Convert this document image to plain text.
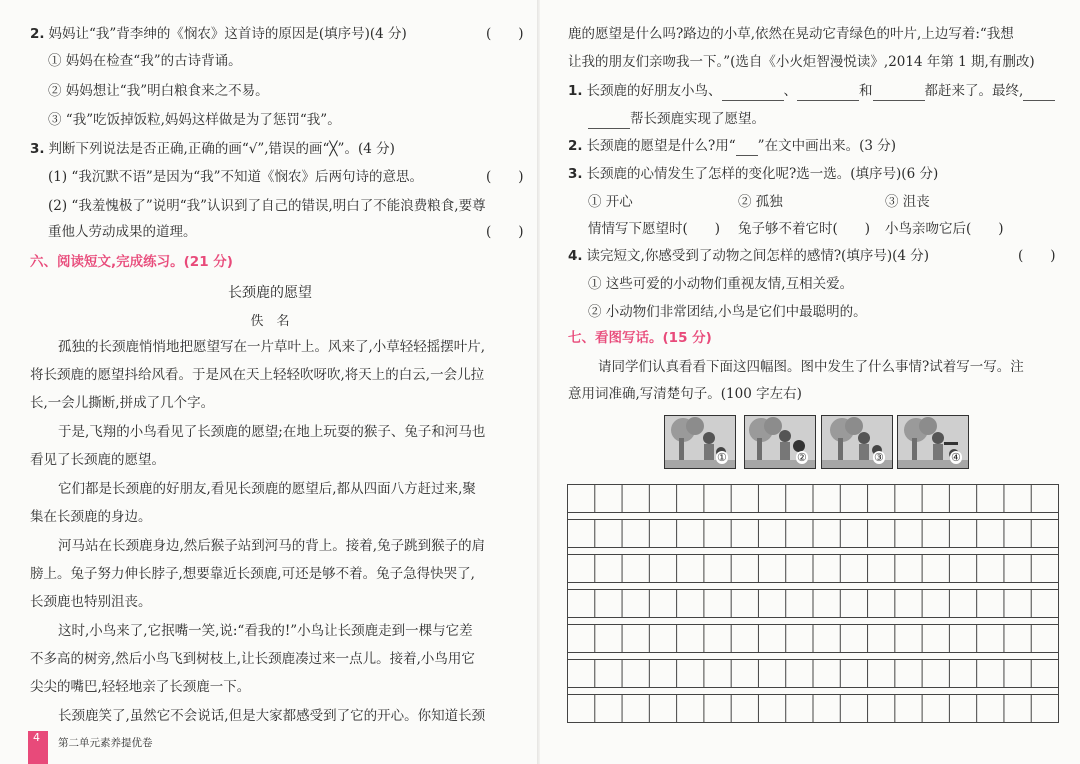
2. 妈妈让“我”背李绅的《悯农》这首诗的原因是(填序号)(4 分)	(　　)
① 妈妈在检查“我”的古诗背诵。
② 妈妈想让“我”明白粮食来之不易。
③ “我”吃饭掉饭粒,妈妈这样做是为了惩罚“我”。
3. 判断下列说法是否正确,正确的画“√”,错误的画“╳”。(4 分)
(1) “我沉默不语”是因为“我”不知道《悯农》后两句诗的意思。	(　　)
(2) “我羞愧极了”说明“我”认识到了自己的错误,明白了不能浪费粮食,要尊
重他人劳动成果的道理。	(　　)
六、阅读短文,完成练习。(21 分)
长颈鹿的愿望
佚　名
孤独的长颈鹿悄悄地把愿望写在一片草叶上。风来了,小草轻轻摇摆叶片,
将长颈鹿的愿望抖给风看。于是风在天上轻轻吹呀吹,将天上的白云,一会儿拉
长,一会儿撕断,拼成了几个字。
于是,飞翔的小鸟看见了长颈鹿的愿望;在地上玩耍的猴子、兔子和河马也
看见了长颈鹿的愿望。
它们都是长颈鹿的好朋友,看见长颈鹿的愿望后,都从四面八方赶过来,聚
集在长颈鹿的身边。
河马站在长颈鹿身边,然后猴子站到河马的背上。接着,兔子跳到猴子的肩
膀上。兔子努力伸长脖子,想要靠近长颈鹿,可还是够不着。兔子急得快哭了,
长颈鹿也特别沮丧。
这时,小鸟来了,它抿嘴一笑,说:“看我的!”小鸟让长颈鹿走到一棵与它差
不多高的树旁,然后小鸟飞到树枝上,让长颈鹿凑过来一点儿。接着,小鸟用它
尖尖的嘴巴,轻轻地亲了长颈鹿一下。
长颈鹿笑了,虽然它不会说话,但是大家都感受到了它的开心。你知道长颈
4 第二单元素养提优卷
鹿的愿望是什么吗?路边的小草,依然在晃动它青绿色的叶片,上边写着:“我想
让我的朋友们亲吻我一下。”(选自《小火炬智漫悦读》,2014 年第 1 期,有删改)
1. 长颈鹿的好朋友小鸟、	、	和	都赶来了。最终,
帮长颈鹿实现了愿望。
2. 长颈鹿的愿望是什么?用“ ”在文中画出来。(3 分)
3. 长颈鹿的心情发生了怎样的变化呢?选一选。(填序号)(6 分)
① 开心	② 孤独	③ 沮丧
情情写下愿望时(　　) 兔子够不着它时(　　) 小鸟亲吻它后(　　)
4. 读完短文,你感受到了动物之间怎样的感情?(填序号)(4 分)	(　　)
① 这些可爱的小动物们重视友情,互相关爱。
② 小动物们非常团结,小鸟是它们中最聪明的。
七、看图写话。(15 分)
请同学们认真看看下面这四幅图。图中发生了什么事情?试着写一写。注
意用词准确,写清楚句子。(100 字左右)
①	②	③	④
